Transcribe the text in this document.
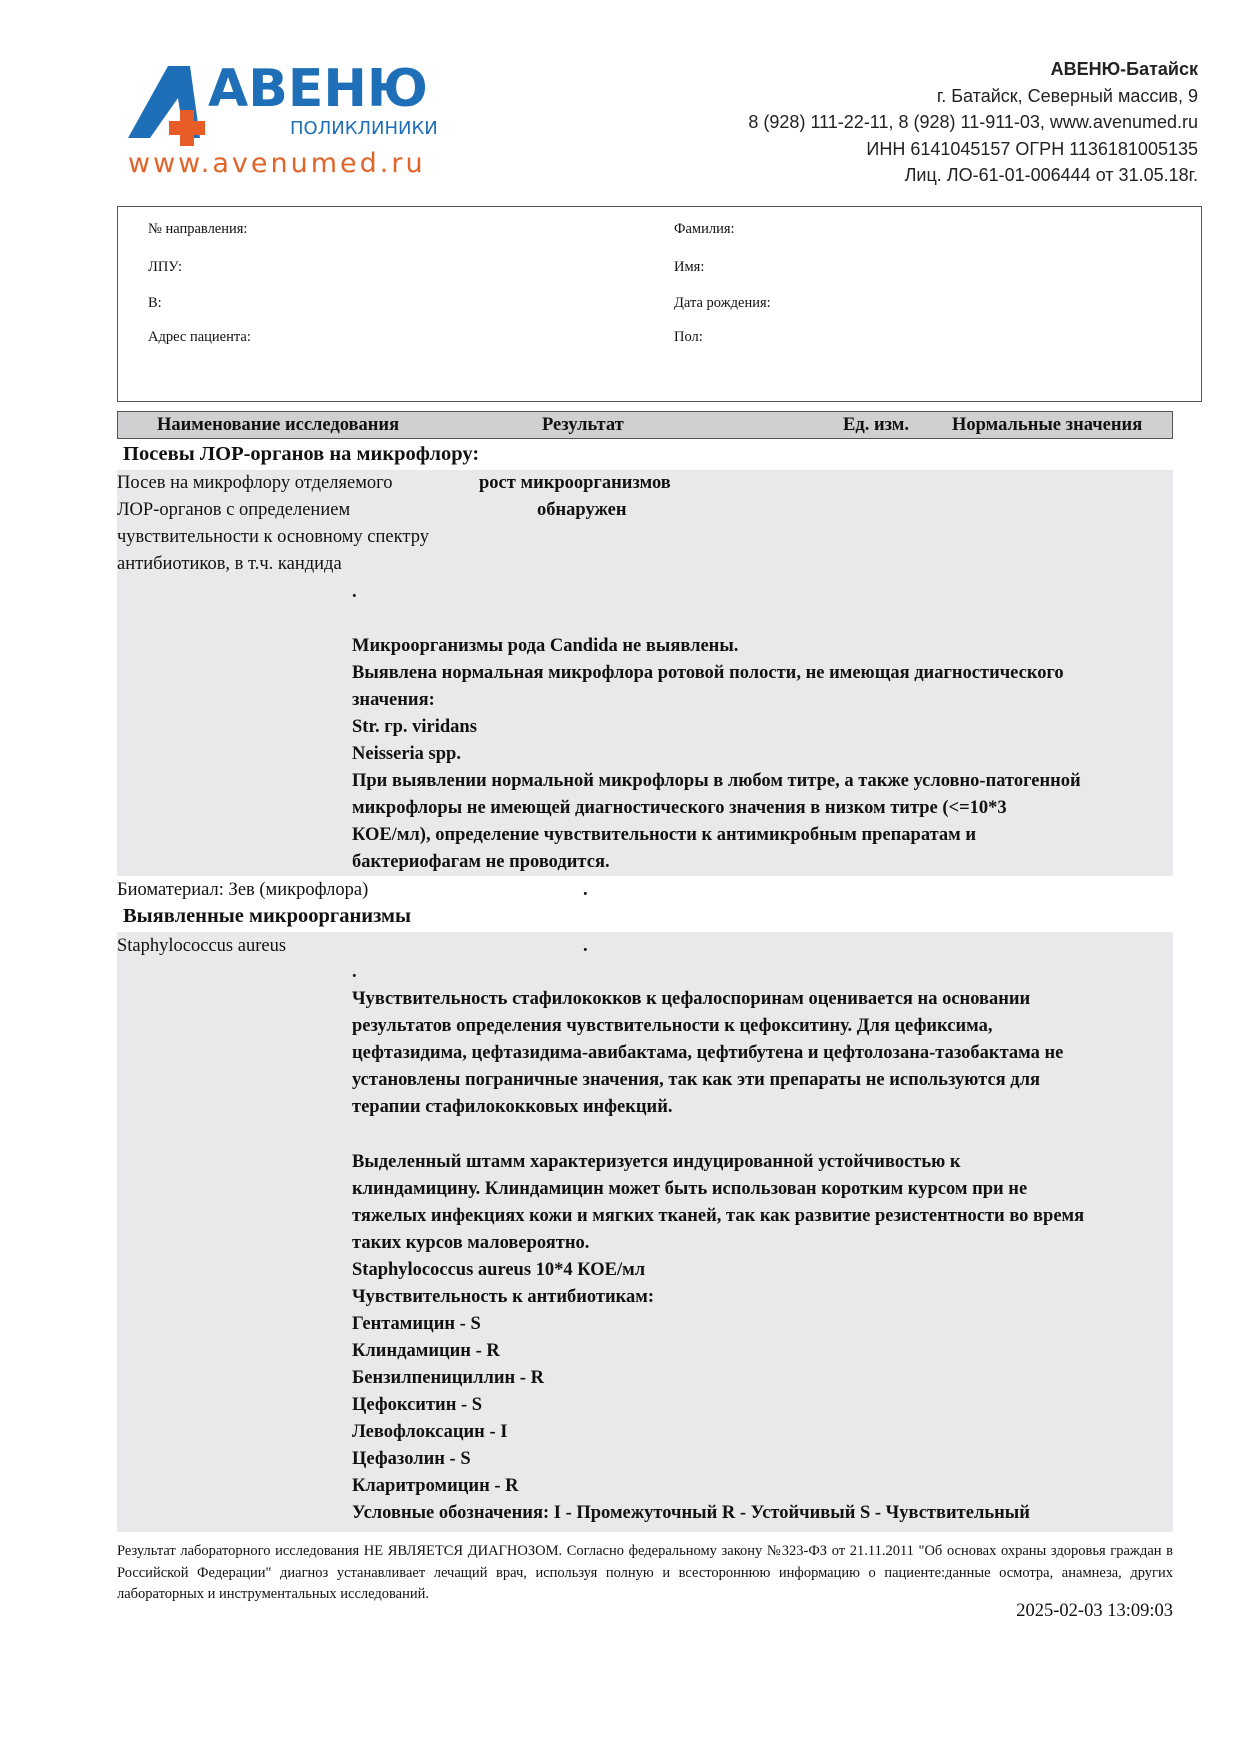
АВЕНЮ
ПОЛИКЛИНИКИ
www.avenumed.ru
АВЕНЮ-Батайск
г. Батайск, Северный массив, 9
8 (928) 111-22-11, 8 (928) 11-911-03, www.avenumed.ru
ИНН 6141045157 ОГРН 1136181005135
Лиц. ЛО-61-01-006444 от 31.05.18г.
№ направления:
ЛПУ:
В:
Адрес пациента:
Фамилия:
Имя:
Дата рождения:
Пол:
Наименование исследования	Результат	Ед. изм. Нормальные значения
Посевы ЛОР-органов на микрофлору:
Посев на микрофлору отделяемого
ЛОР-органов с определением
чувствительности к основному спектру
антибиотиков, в т.ч. кандида
рост микроорганизмов
обнаружен
.
Микроорганизмы рода Candida не выявлены.
Выявлена нормальная микрофлора ротовой полости, не имеющая диагностического
значения:
Str. гр. viridans
Neisseria spp.
При выявлении нормальной микрофлоры в любом титре, а также условно-патогенной
микрофлоры не имеющей диагностического значения в низком титре (<=10*3
КОЕ/мл), определение чувствительности к антимикробным препаратам и
бактериофагам не проводится.
Биоматериал: Зев (микрофлора)	.
Выявленные микроорганизмы
Staphylococcus aureus	.
.
Чувствительность стафилококков к цефалоспоринам оценивается на основании
результатов определения чувствительности к цефокситину. Для цефиксима,
цефтазидима, цефтазидима-авибактама, цефтибутена и цефтолозана-тазобактама не
установлены пограничные значения, так как эти препараты не используются для
терапии стафилококковых инфекций.
Выделенный штамм характеризуется индуцированной устойчивостью к
клиндамицину. Клиндамицин может быть использован коротким курсом при не
тяжелых инфекциях кожи и мягких тканей, так как развитие резистентности во время
таких курсов маловероятно.
Staphylococcus aureus 10*4 КОЕ/мл
Чувствительность к антибиотикам:
Гентамицин - S
Клиндамицин - R
Бензилпенициллин - R
Цефокситин - S
Левофлоксацин - I
Цефазолин - S
Кларитромицин - R
Условные обозначения: I - Промежуточный R - Устойчивый S - Чувствительный
Результат лабораторного исследования НЕ ЯВЛЯЕТСЯ ДИАГНОЗОМ. Согласно федеральному закону №323-ФЗ от 21.11.2011 "Об основах охраны здоровья граждан в Российской Федерации" диагноз устанавливает лечащий врач, используя полную и всестороннюю информацию о пациенте:данные осмотра, анамнеза, других лабораторных и инструментальных исследований.
2025-02-03 13:09:03
